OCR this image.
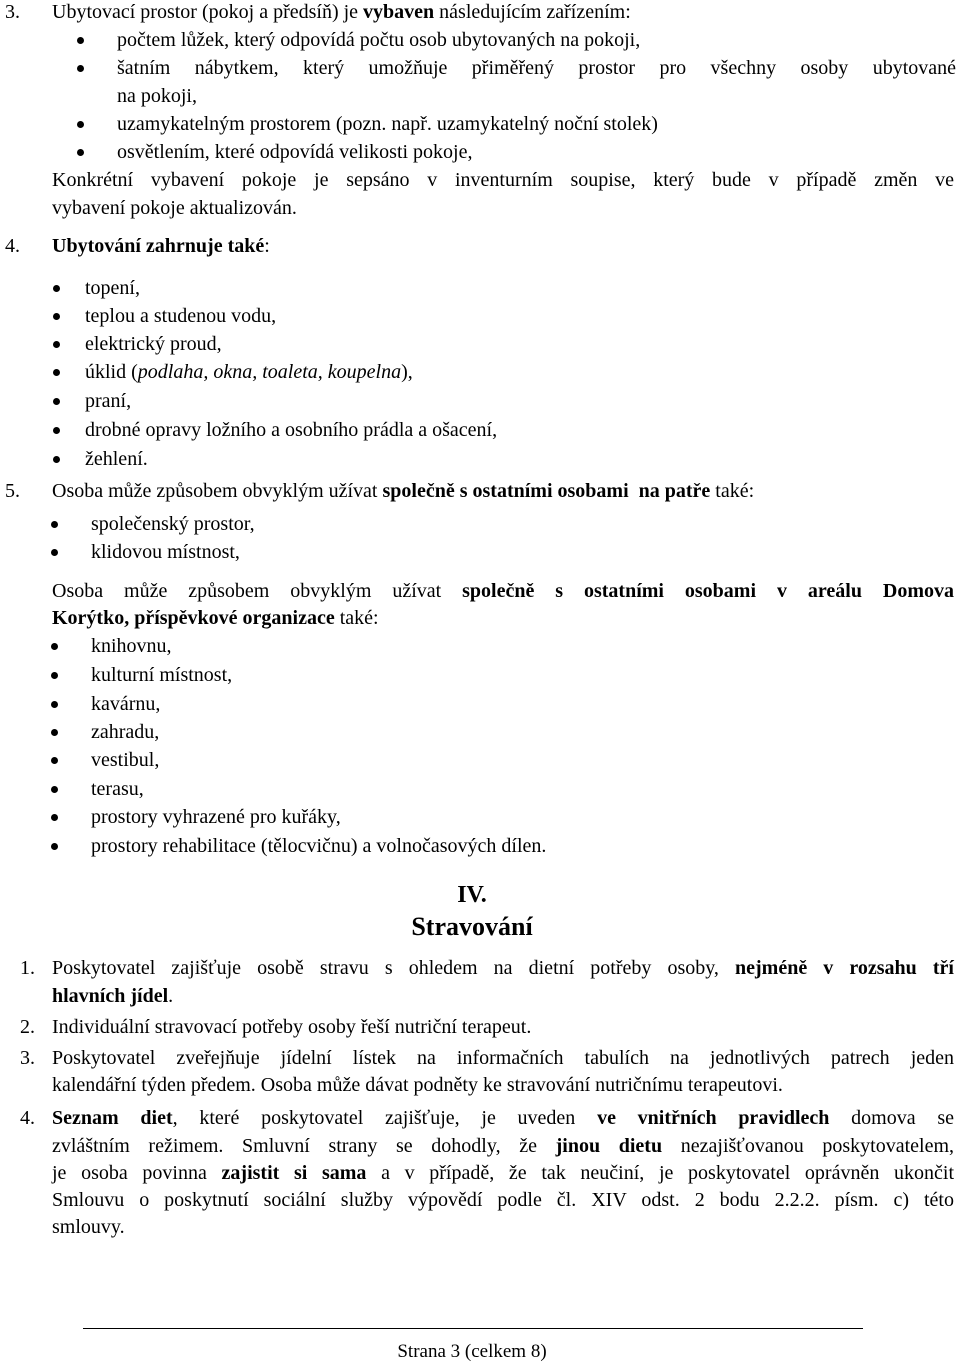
3. Ubytovací prostor (pokoj a předsíň) je vybaven následujícím zařízením:
počtem lůžek, který odpovídá počtu osob ubytovaných na pokoji,
šatním nábytkem, který umožňuje přiměřený prostor pro všechny osoby ubytované
na pokoji,
uzamykatelným prostorem (pozn. např. uzamykatelný noční stolek)
osvětlením, které odpovídá velikosti pokoje,
Konkrétní vybavení pokoje je sepsáno v inventurním soupise, který bude v případě změn ve
vybavení pokoje aktualizován.
4. Ubytování zahrnuje také:
topení,
teplou a studenou vodu,
elektrický proud,
úklid (podlaha, okna, toaleta, koupelna),
praní,
drobné opravy ložního a osobního prádla a ošacení,
žehlení.
5. Osoba může způsobem obvyklým užívat společně s ostatními osobami na patře také:
společenský prostor,
klidovou místnost,
Osoba může způsobem obvyklým užívat společně s ostatními osobami v areálu Domova
Korýtko, příspěvkové organizace také:
knihovnu,
kulturní místnost,
kavárnu,
zahradu,
vestibul,
terasu,
prostory vyhrazené pro kuřáky,
prostory rehabilitace (tělocvičnu) a volnočasových dílen.
IV.
Stravování
1. Poskytovatel zajišťuje osobě stravu s ohledem na dietní potřeby osoby, nejméně v rozsahu tří
hlavních jídel.
2. Individuální stravovací potřeby osoby řeší nutriční terapeut.
3. Poskytovatel zveřejňuje jídelní lístek na informačních tabulích na jednotlivých patrech jeden
kalendářní týden předem. Osoba může dávat podněty ke stravování nutričnímu terapeutovi.
4. Seznam diet, které poskytovatel zajišťuje, je uveden ve vnitřních pravidlech domova se
zvláštním režimem. Smluvní strany se dohodly, že jinou dietu nezajišťovanou poskytovatelem,
je osoba povinna zajistit si sama a v případě, že tak neučiní, je poskytovatel oprávněn ukončit
Smlouvu o poskytnutí sociální služby výpovědí podle čl. XIV odst. 2 bodu 2.2.2. písm. c) této
smlouvy.
Strana 3 (celkem 8)
